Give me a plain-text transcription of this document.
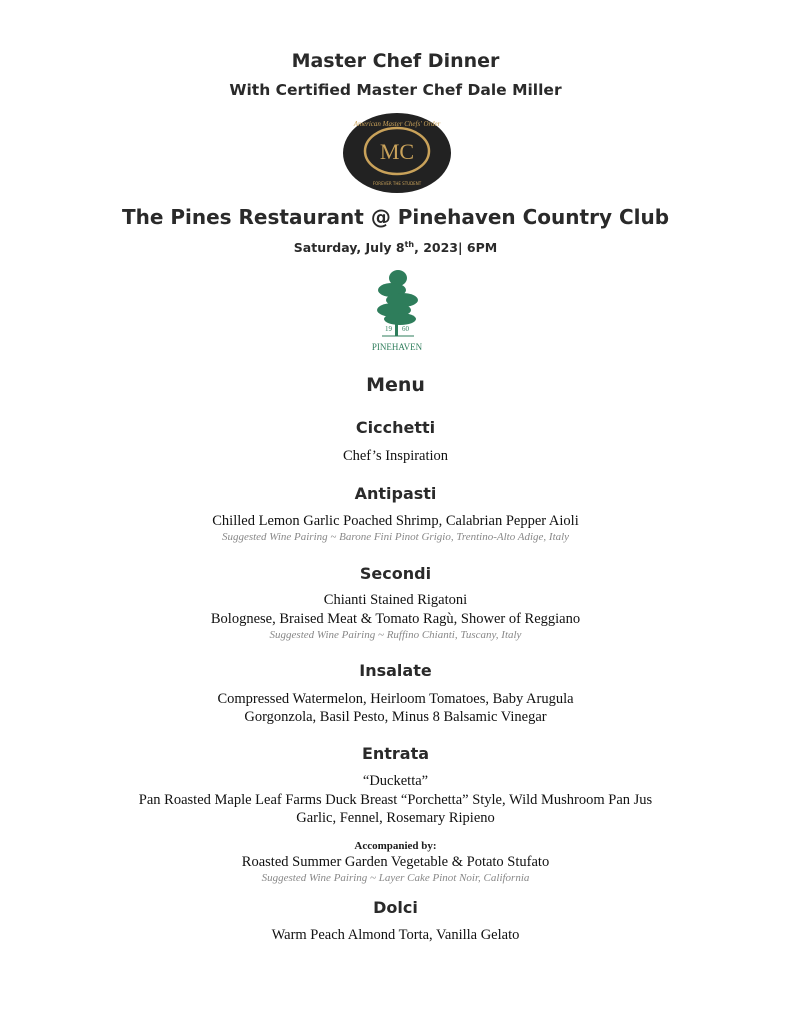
Master Chef Dinner
With Certified Master Chef Dale Miller
MC
American Master Chefs' Order
FOREVER THE STUDENT
The Pines Restaurant @ Pinehaven Country Club
Saturday, July 8th, 2023| 6PM
19 60
PINEHAVEN
Menu
Cicchetti
Chef’s Inspiration
Antipasti
Chilled Lemon Garlic Poached Shrimp, Calabrian Pepper Aioli
Suggested Wine Pairing ~ Barone Fini Pinot Grigio, Trentino-Alto Adige, Italy
Secondi
Chianti Stained Rigatoni
Bolognese, Braised Meat & Tomato Ragù, Shower of Reggiano
Suggested Wine Pairing ~ Ruffino Chianti, Tuscany, Italy
Insalate
Compressed Watermelon, Heirloom Tomatoes, Baby Arugula
Gorgonzola, Basil Pesto, Minus 8 Balsamic Vinegar
Entrata
“Ducketta”
Pan Roasted Maple Leaf Farms Duck Breast “Porchetta” Style, Wild Mushroom Pan Jus
Garlic, Fennel, Rosemary Ripieno
Accompanied by:
Roasted Summer Garden Vegetable & Potato Stufato
Suggested Wine Pairing ~ Layer Cake Pinot Noir, California
Dolci
Warm Peach Almond Torta, Vanilla Gelato
